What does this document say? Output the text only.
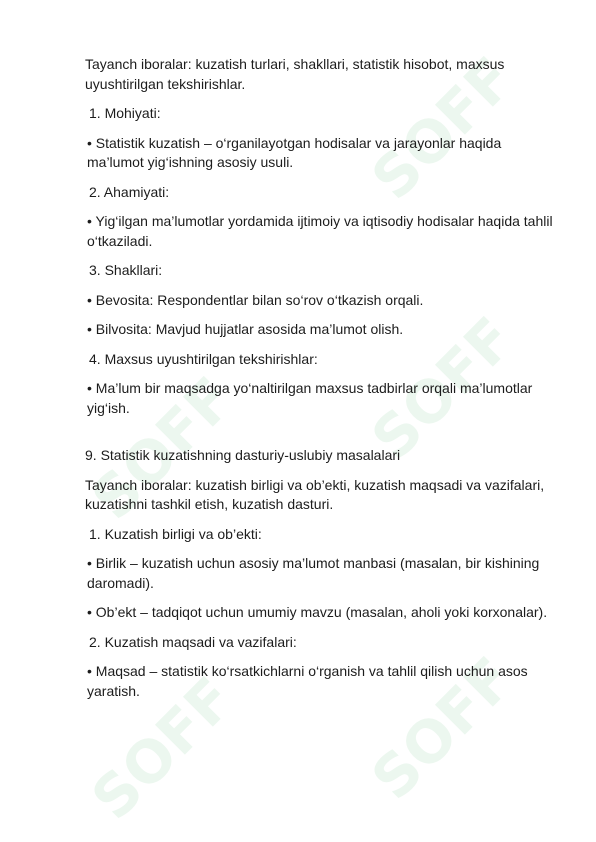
SOFF
SOFF
SOFF
SOFF
SOFF

Tayanch iboralar: kuzatish turlari, shakllari, statistik hisobot, maxsus uyushtirilgan tekshirishlar.

1. Mohiyati:

• Statistik kuzatish – o‘rganilayotgan hodisalar va jarayonlar haqida ma’lumot yig‘ishning asosiy usuli.

2. Ahamiyati:

• Yig‘ilgan ma’lumotlar yordamida ijtimoiy va iqtisodiy hodisalar haqida tahlil o‘tkaziladi.

3. Shakllari:

• Bevosita: Respondentlar bilan so‘rov o‘tkazish orqali.

• Bilvosita: Mavjud hujjatlar asosida ma’lumot olish.

4. Maxsus uyushtirilgan tekshirishlar:

• Ma’lum bir maqsadga yo‘naltirilgan maxsus tadbirlar orqali ma’lumotlar yig‘ish.

9. Statistik kuzatishning dasturiy-uslubiy masalalari

Tayanch iboralar: kuzatish birligi va ob’ekti, kuzatish maqsadi va vazifalari, kuzatishni tashkil etish, kuzatish dasturi.

1. Kuzatish birligi va ob’ekti:

• Birlik – kuzatish uchun asosiy ma’lumot manbasi (masalan, bir kishining daromadi).

• Ob’ekt – tadqiqot uchun umumiy mavzu (masalan, aholi yoki korxonalar).

2. Kuzatish maqsadi va vazifalari:

• Maqsad – statistik ko‘rsatkichlarni o‘rganish va tahlil qilish uchun asos yaratish.
